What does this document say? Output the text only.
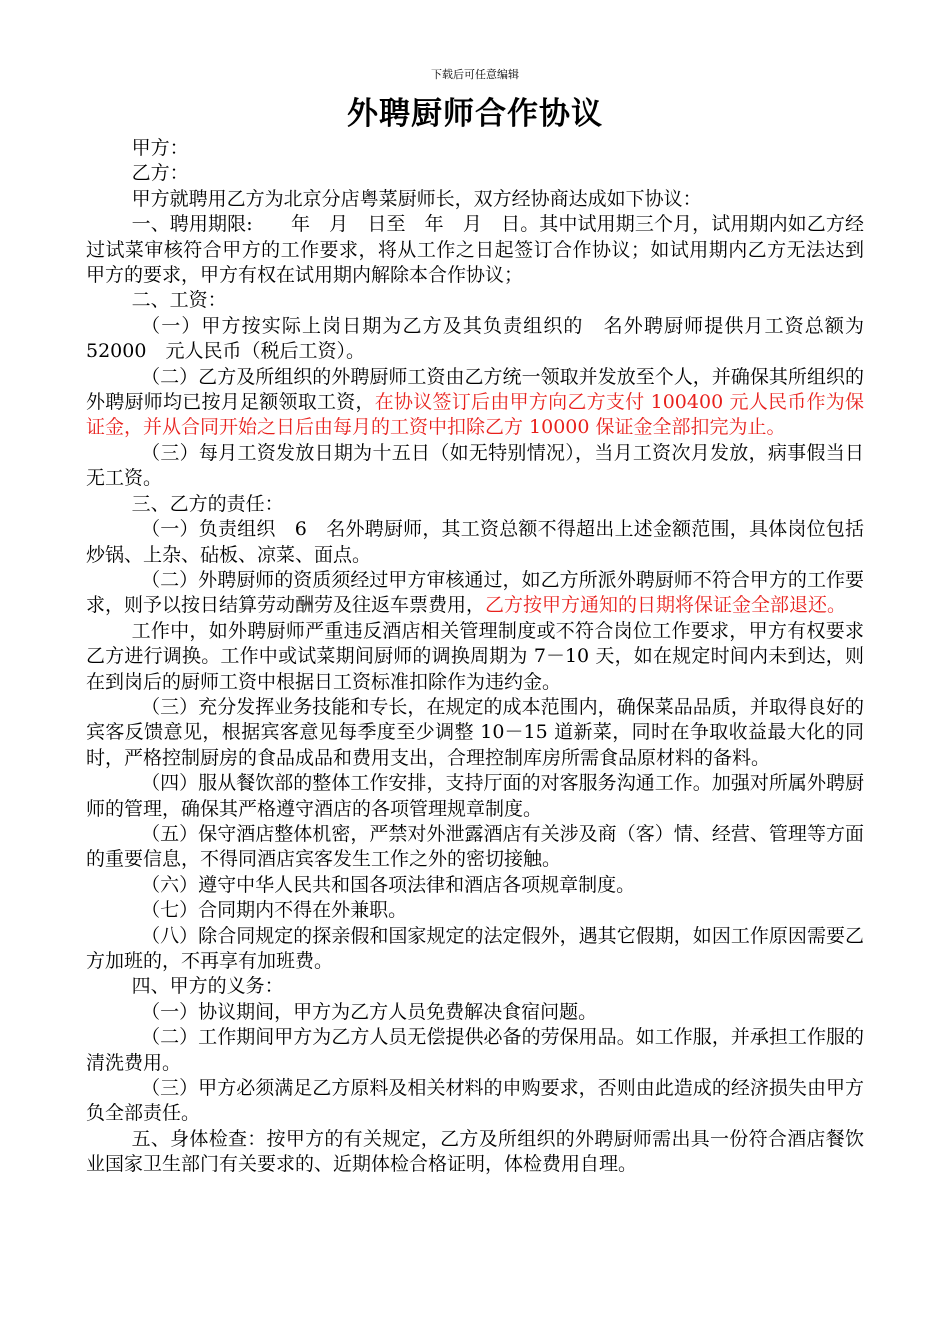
下载后可任意编辑
外聘厨师合作协议

甲方：

乙方：

甲方就聘用乙方为北京分店粤菜厨师长，双方经协商达成如下协议：

一、聘用期限:　　年　月　日至　年　月　日。其中试用期三个月，试用期内如乙方经过试菜审核符合甲方的工作要求，将从工作之日起签订合作协议；如试用期内乙方无法达到甲方的要求，甲方有权在试用期内解除本合作协议；

二、工资：

（一）甲方按实际上岗日期为乙方及其负责组织的　名外聘厨师提供月工资总额为 52000　元人民币（税后工资）。

（二）乙方及所组织的外聘厨师工资由乙方统一领取并发放至个人，并确保其所组织的外聘厨师均已按月足额领取工资，在协议签订后由甲方向乙方支付 100400 元人民币作为保证金，并从合同开始之日后由每月的工资中扣除乙方 10000 保证金全部扣完为止。

（三）每月工资发放日期为十五日（如无特别情况），当月工资次月发放，病事假当日无工资。

三、乙方的责任：

（一）负责组织　6　名外聘厨师，其工资总额不得超出上述金额范围，具体岗位包括炒锅、上杂、砧板、凉菜、面点。

（二）外聘厨师的资质须经过甲方审核通过，如乙方所派外聘厨师不符合甲方的工作要求，则予以按日结算劳动酬劳及往返车票费用，乙方按甲方通知的日期将保证金全部退还。

工作中，如外聘厨师严重违反酒店相关管理制度或不符合岗位工作要求，甲方有权要求乙方进行调换。工作中或试菜期间厨师的调换周期为 7－10 天，如在规定时间内未到达，则在到岗后的厨师工资中根据日工资标准扣除作为违约金。

（三）充分发挥业务技能和专长，在规定的成本范围内，确保菜品品质，并取得良好的宾客反馈意见，根据宾客意见每季度至少调整 10－15 道新菜，同时在争取收益最大化的同时，严格控制厨房的食品成品和费用支出，合理控制库房所需食品原材料的备料。

（四）服从餐饮部的整体工作安排，支持厅面的对客服务沟通工作。加强对所属外聘厨师的管理，确保其严格遵守酒店的各项管理规章制度。

（五）保守酒店整体机密，严禁对外泄露酒店有关涉及商（客）情、经营、管理等方面的重要信息，不得同酒店宾客发生工作之外的密切接触。

（六）遵守中华人民共和国各项法律和酒店各项规章制度。

（七）合同期内不得在外兼职。

（八）除合同规定的探亲假和国家规定的法定假外，遇其它假期，如因工作原因需要乙方加班的，不再享有加班费。

四、甲方的义务：

（一）协议期间，甲方为乙方人员免费解决食宿问题。

（二）工作期间甲方为乙方人员无偿提供必备的劳保用品。如工作服，并承担工作服的清洗费用。

（三）甲方必须满足乙方原料及相关材料的申购要求，否则由此造成的经济损失由甲方负全部责任。

五、身体检查：按甲方的有关规定，乙方及所组织的外聘厨师需出具一份符合酒店餐饮业国家卫生部门有关要求的、近期体检合格证明，体检费用自理。
